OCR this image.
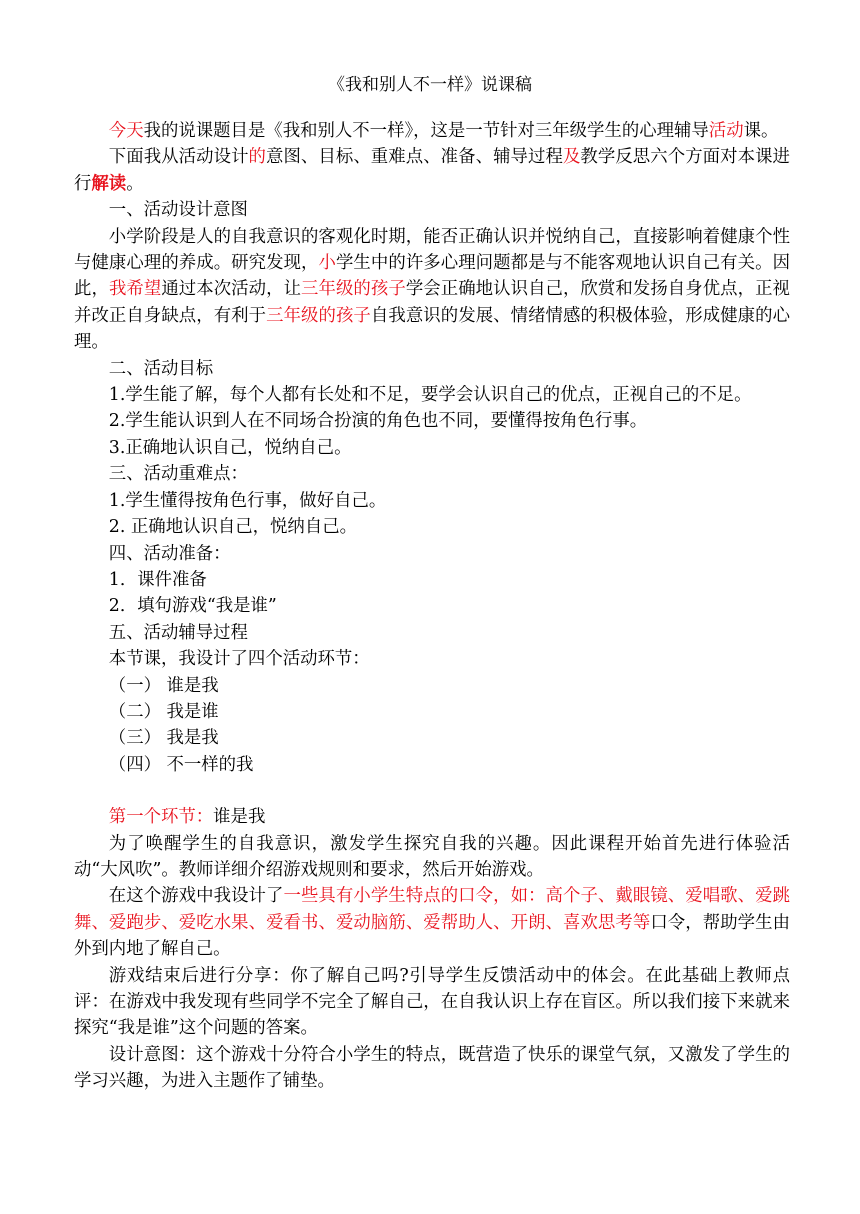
《我和别人不一样》说课稿

今天我的说课题目是《我和别人不一样》，这是一节针对三年级学生的心理辅导活动课。

下面我从活动设计的意图、目标、重难点、准备、辅导过程及教学反思六个方面对本课进行解读。

一、活动设计意图

小学阶段是人的自我意识的客观化时期，能否正确认识并悦纳自己，直接影响着健康个性与健康心理的养成。研究发现，小学生中的许多心理问题都是与不能客观地认识自己有关。因此，我希望通过本次活动，让三年级的孩子学会正确地认识自己，欣赏和发扬自身优点，正视并改正自身缺点，有利于三年级的孩子自我意识的发展、情绪情感的积极体验，形成健康的心理。

二、活动目标

1.学生能了解，每个人都有长处和不足，要学会认识自己的优点，正视自己的不足。

2.学生能认识到人在不同场合扮演的角色也不同，要懂得按角色行事。

3.正确地认识自己，悦纳自己。

三、活动重难点：

1.学生懂得按角色行事，做好自己。

2. 正确地认识自己，悦纳自己。

四、活动准备：

1．课件准备

2．填句游戏“我是谁”

五、活动辅导过程

本节课，我设计了四个活动环节：

（一） 谁是我

（二） 我是谁

（三） 我是我

（四） 不一样的我

第一个环节：谁是我

为了唤醒学生的自我意识，激发学生探究自我的兴趣。因此课程开始首先进行体验活动“大风吹”。教师详细介绍游戏规则和要求，然后开始游戏。

在这个游戏中我设计了一些具有小学生特点的口令，如：高个子、戴眼镜、爱唱歌、爱跳舞、爱跑步、爱吃水果、爱看书、爱动脑筋、爱帮助人、开朗、喜欢思考等口令，帮助学生由外到内地了解自己。

游戏结束后进行分享：你了解自己吗?引导学生反馈活动中的体会。在此基础上教师点评：在游戏中我发现有些同学不完全了解自己，在自我认识上存在盲区。所以我们接下来就来探究“我是谁”这个问题的答案。

设计意图：这个游戏十分符合小学生的特点，既营造了快乐的课堂气氛，又激发了学生的学习兴趣，为进入主题作了铺垫。
